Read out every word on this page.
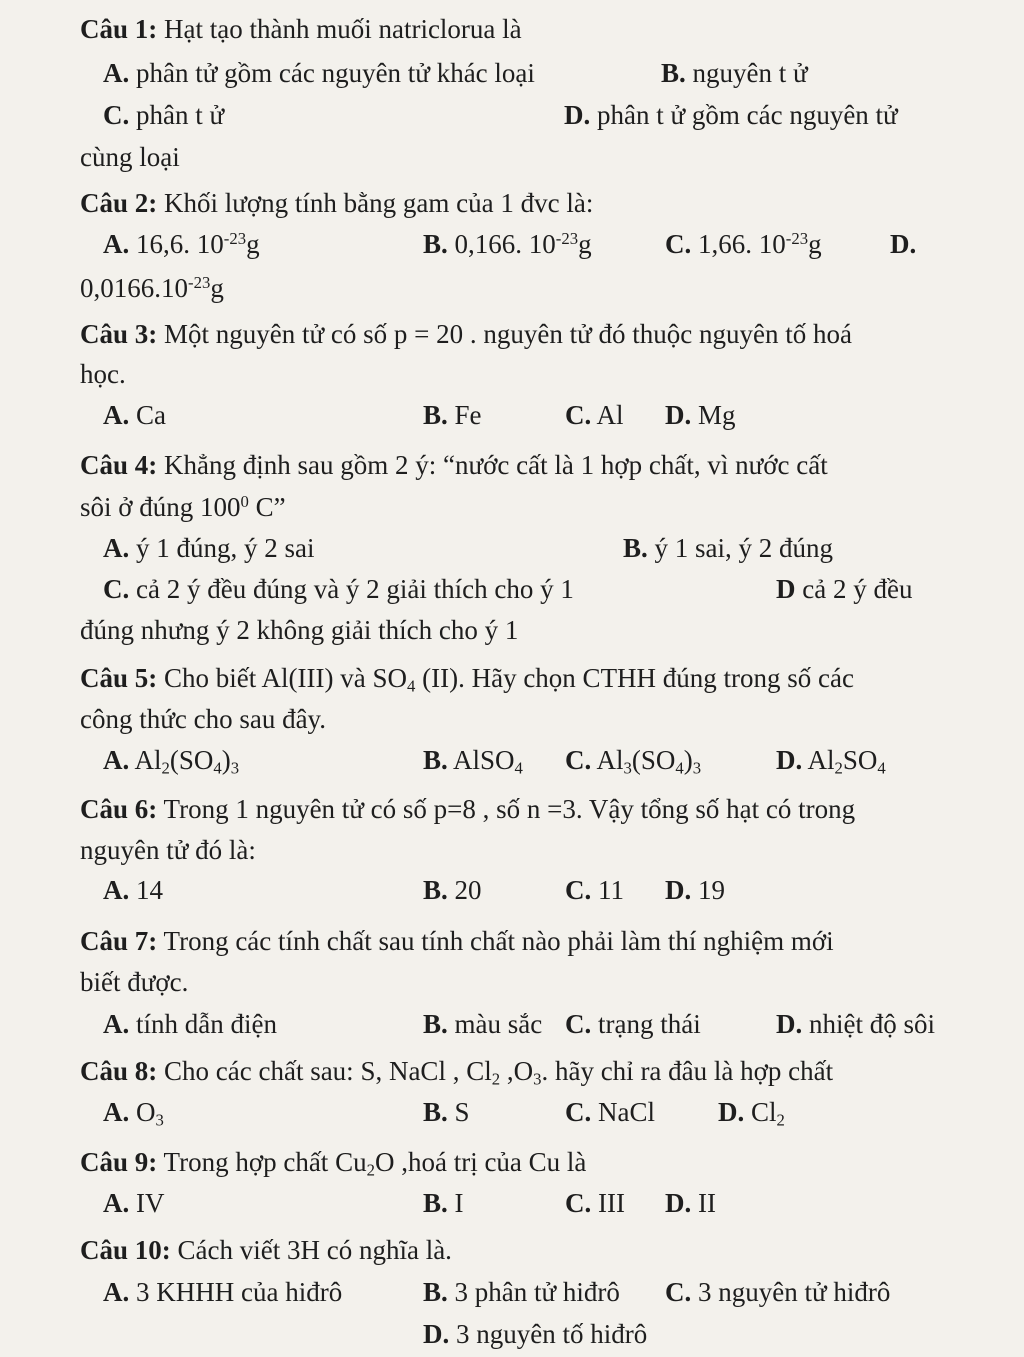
Câu 1: Hạt tạo thành muối natriclorua là
A. phân tử gồm các nguyên tử khác loại	B. nguyên t ử
C. phân t ử	D. phân t ử gồm các nguyên tử
cùng loại
Câu 2: Khối lượng tính bằng gam của 1 đvc là:
A. 16,6. $10^{-23}g$	B. 0,166. $10^{-23}g$	C. 1,66. $10^{-23}g$	D.
$0,0166.10^{-23}g$
Câu 3: Một nguyên tử có số p = 20 . nguyên tử đó thuộc nguyên tố hoá
học.
A. Ca	B. Fe	C. Al D. Mg
Câu 4: Khẳng định sau gồm 2 ý: “nước cất là 1 hợp chất, vì nước cất
sôi ở đúng $100^0$ C”
A. ý 1 đúng, ý 2 sai	B. ý 1 sai, ý 2 đúng
C. cả 2 ý đều đúng và ý 2 giải thích cho ý 1	D cả 2 ý đều
đúng nhưng ý 2 không giải thích cho ý 1
Câu 5: Cho biết Al(III) và $SO_4$ (II). Hãy chọn CTHH đúng trong số các
công thức cho sau đây.
A. $Al_2(SO_4)_3$	B. AlSO$_4$ C. $Al_3(SO_4)_3$	D. $Al_2SO_4$
Câu 6: Trong 1 nguyên tử có số p=8 , số n =3. Vậy tổng số hạt có trong
nguyên tử đó là:
A. 14	B. 20	C. 11 D. 19
Câu 7: Trong các tính chất sau tính chất nào phải làm thí nghiệm mới
biết được.
A. tính dẫn điện	B. màu sắc C. trạng thái	D. nhiệt độ sôi
Câu 8: Cho các chất sau: S, NaCl , $Cl_2$ $,O_3$. hãy chỉ ra đâu là hợp chất
A. $O_3$	B. S	C. NaCl D. $Cl_2$
Câu 9: Trong hợp chất $Cu_2O$ ,hoá trị của Cu là
A. IV	B. I	C. III D. II
Câu 10: Cách viết 3H có nghĩa là.
A. 3 KHHH của hiđrô	B. 3 phân tử hiđrô C. 3 nguyên tử hiđrô
D. 3 nguyên tố hiđrô
